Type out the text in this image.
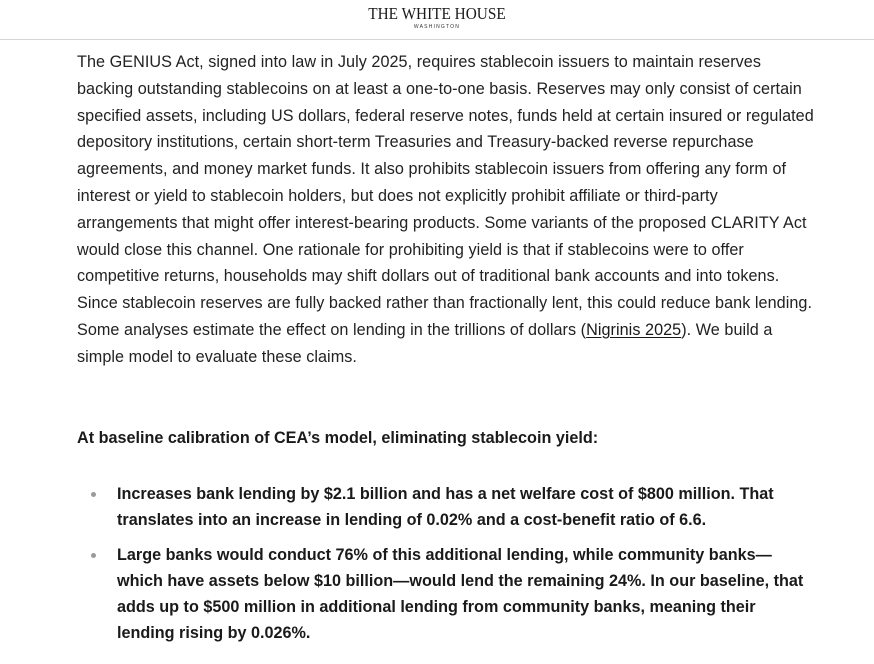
THE WHITE HOUSE
WASHINGTON

The GENIUS Act, signed into law in July 2025, requires stablecoin issuers to maintain reserves backing outstanding stablecoins on at least a one-to-one basis. Reserves may only consist of certain specified assets, including US dollars, federal reserve notes, funds held at certain insured or regulated depository institutions, certain short-term Treasuries and Treasury-backed reverse repurchase agreements, and money market funds. It also prohibits stablecoin issuers from offering any form of interest or yield to stablecoin holders, but does not explicitly prohibit affiliate or third-party arrangements that might offer interest-bearing products. Some variants of the proposed CLARITY Act would close this channel. One rationale for prohibiting yield is that if stablecoins were to offer competitive returns, households may shift dollars out of traditional bank accounts and into tokens. Since stablecoin reserves are fully backed rather than fractionally lent, this could reduce bank lending. Some analyses estimate the effect on lending in the trillions of dollars (Nigrinis 2025). We build a simple model to evaluate these claims.

At baseline calibration of CEA’s model, eliminating stablecoin yield:

Increases bank lending by $2.1 billion and has a net welfare cost of $800 million. That translates into an increase in lending of 0.02% and a cost-benefit ratio of 6.6.
Large banks would conduct 76% of this additional lending, while community banks—which have assets below $10 billion—would lend the remaining 24%. In our baseline, that adds up to $500 million in additional lending from community banks, meaning their lending rising by 0.026%.
